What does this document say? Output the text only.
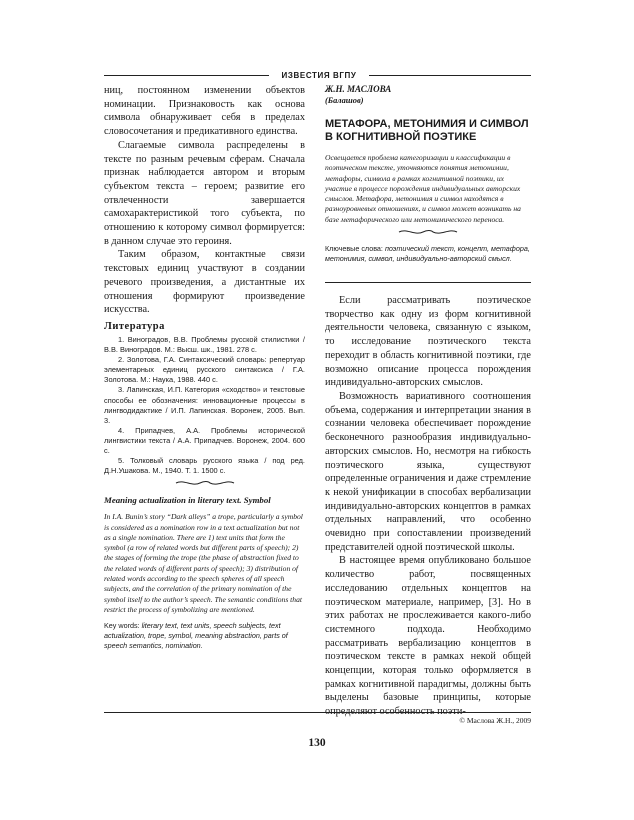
ИЗВЕСТИЯ ВГПУ

ниц, постоянном изменении объектов номинации. Признаковость как основа символа обнаруживает себя в пределах словосочетания и предикативного единства.

Слагаемые символа распределены в тексте по разным речевым сферам. Сначала признак наблюдается автором и вторым субъектом текста – героем; развитие его отвлеченности завершается самохарактеристикой того субъекта, по отношению к которому символ формируется: в данном случае это героиня.

Таким образом, контактные связи текстовых единиц участвуют в создании речевого произведения, а дистантные их отношения формируют произведение искусства.

Литература
1. Виноградов, В.В. Проблемы русской стилистики / В.В. Виноградов. М.: Высш. шк., 1981. 278 с.
2. Золотова, Г.А. Синтаксический словарь: репертуар элементарных единиц русского синтаксиса / Г.А. Золотова. М.: Наука, 1988. 440 с.
3. Лапинская, И.П. Категория «сходство» и текстовые способы ее обозначения: инновационные процессы в лингводидактике / И.П. Лапинская. Воронеж, 2005. Вып. 3.
4. Припадчев, А.А. Проблемы исторической лингвистики текста / А.А. Припадчев. Воронеж, 2004. 600 с.
5. Толковый словарь русского языка / под ред. Д.Н.Ушакова. М., 1940. Т. 1. 1500 с.
Meaning actualization in literary text. Symbol
In I.A. Bunin’s story “Dark alleys” a trope, particularly a symbol is considered as a nomination row in a text actualization but not as a single nomination. There are 1) text units that form the symbol (a row of related words but different parts of speech); 2) the stages of forming the trope (the phase of abstraction fixed to the related words of different parts of speech); 3) distribution of related words according to the speech spheres of all speech subjects, and the correlation of the primary nomination of the symbol itself to the author’s speech. The semantic conditions that restrict the process of symbolizing are mentioned.
Key words: literary text, text units, speech subjects, text actualization, trope, symbol, meaning abstraction, parts of speech semantics, nomination.
Ж.Н. МАСЛОВА
(Балашов)
МЕТАФОРА, МЕТОНИМИЯ И СИМВОЛ В КОГНИТИВНОЙ ПОЭТИКЕ
Освещается проблема категоризации и классификации в поэтическом тексте, уточняются понятия метонимии, метафоры, символа в рамках когнитивной поэтики, их участие в процессе порождения индивидуальных авторских смыслов. Метафора, метонимия и символ находятся в разноуровневых отношениях, и символ может возникать на базе метафорического или метонимического переноса.
Ключевые слова: поэтический текст, концепт, метафора, метонимия, символ, индивидуально-авторский смысл.

Если рассматривать поэтическое творчество как одну из форм когнитивной деятельности человека, связанную с языком, то исследование поэтического текста переходит в область когнитивной поэтики, где возможно описание процесса порождения индивидуально-авторских смыслов.

Возможность вариативного соотношения объема, содержания и интерпретации знания в сознании человека обеспечивает порождение бесконечного разнообразия индивидуально-авторских смыслов. Но, несмотря на гибкость поэтического языка, существуют определенные ограничения и даже стремление к некой унификации в способах вербализации индивидуально-авторских концептов в рамках отдельных направлений, что особенно очевидно при сопоставлении произведений представителей одной поэтической школы.

В настоящее время опубликовано большое количество работ, посвященных исследованию отдельных концептов на поэтическом материале, например, [3]. Но в этих работах не прослеживается какого-либо системного подхода. Необходимо рассматривать вербализацию концептов в поэтическом тексте в рамках некой общей концепции, которая только оформляется в рамках когнитивной парадигмы, должны быть выделены базовые принципы, которые определяют особенность поэти-

© Маслова Ж.Н., 2009
130
